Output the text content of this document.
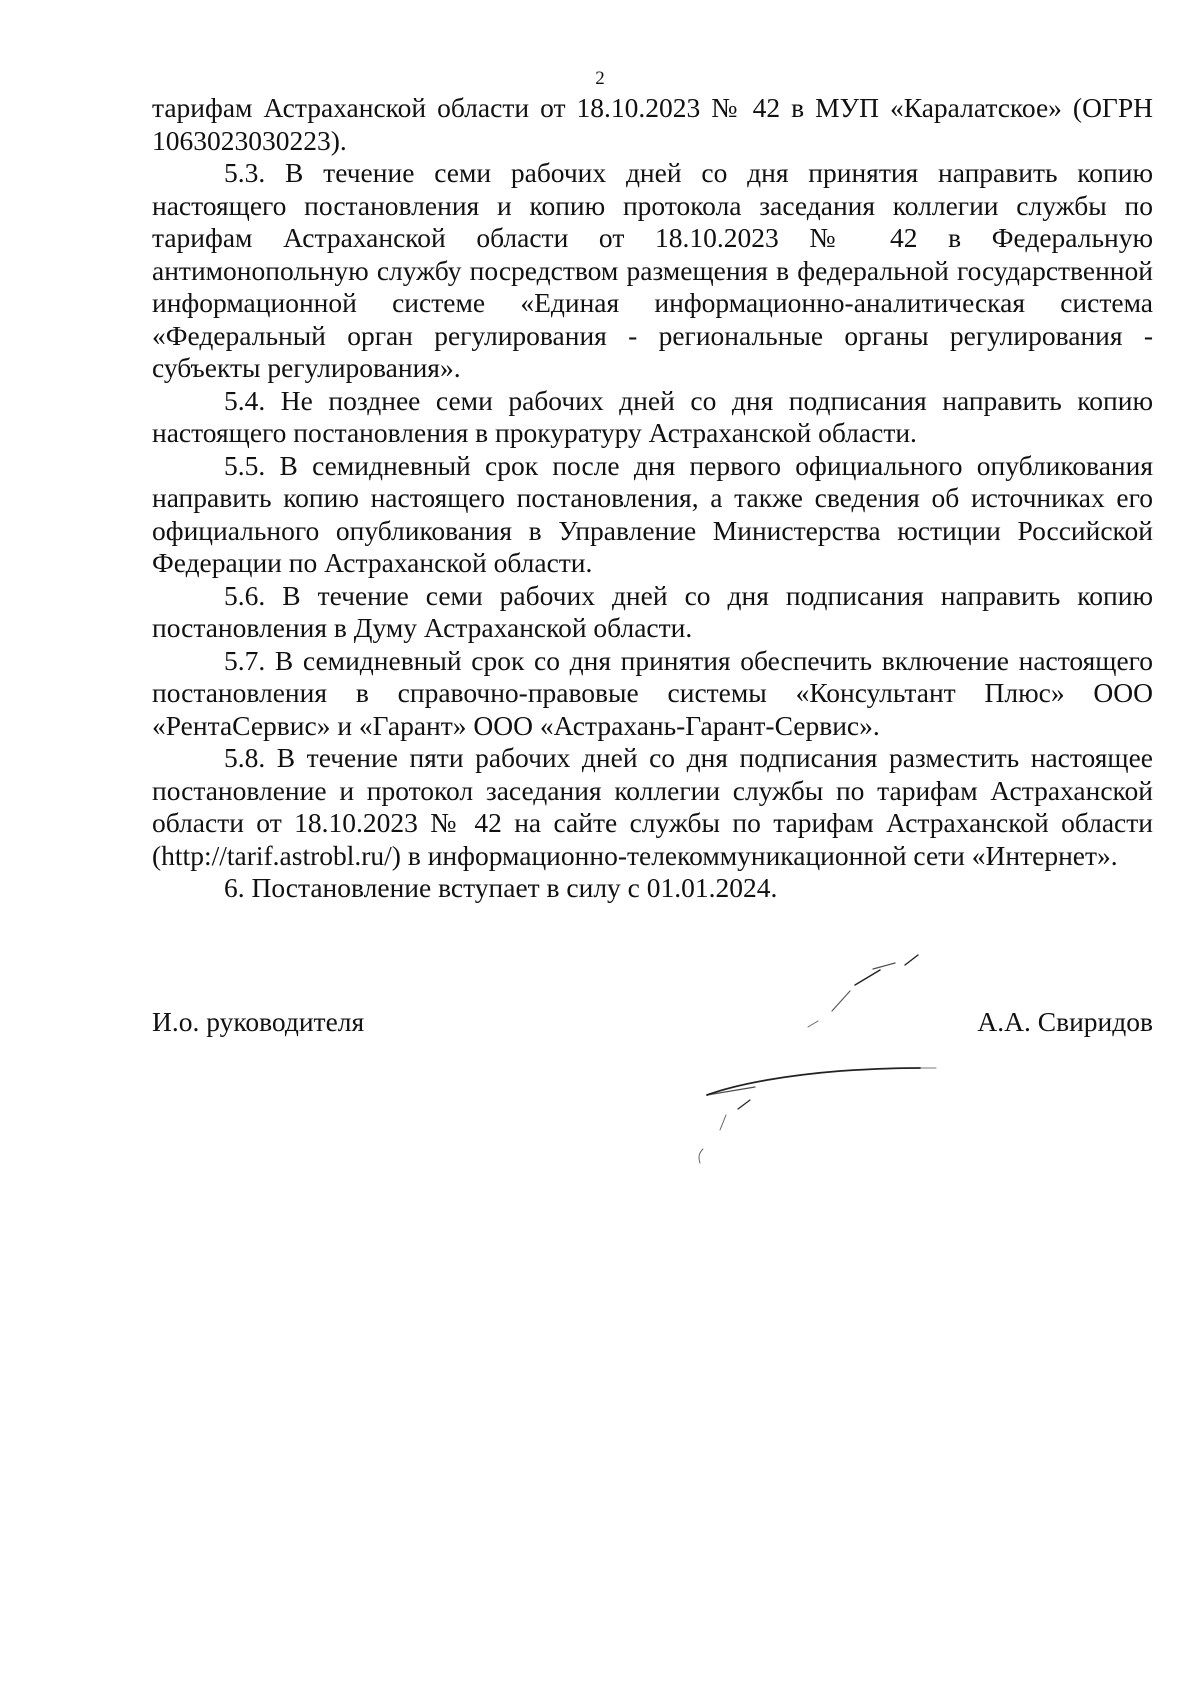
2

тарифам Астраханской области от 18.10.2023 № 42 в МУП «Каралатское» (ОГРН 1063023030223).

5.3. В течение семи рабочих дней со дня принятия направить копию настоящего постановления и копию протокола заседания коллегии службы по тарифам Астраханской области от 18.10.2023 № 42 в Федеральную антимонопольную службу посредством размещения в федеральной государственной информационной системе «Единая информационно-аналитическая система «Федеральный орган регулирования - региональные органы регулирования - субъекты регулирования».

5.4. Не позднее семи рабочих дней со дня подписания направить копию настоящего постановления в прокуратуру Астраханской области.

5.5. В семидневный срок после дня первого официального опубликования направить копию настоящего постановления, а также сведения об источниках его официального опубликования в Управление Министерства юстиции Российской Федерации по Астраханской области.

5.6. В течение семи рабочих дней со дня подписания направить копию постановления в Думу Астраханской области.

5.7. В семидневный срок со дня принятия обеспечить включение настоящего постановления в справочно-правовые системы «Консультант Плюс» ООО «РентаСервис» и «Гарант» ООО «Астрахань-Гарант-Сервис».

5.8. В течение пяти рабочих дней со дня подписания разместить настоящее постановление и протокол заседания коллегии службы по тарифам Астраханской области от 18.10.2023 № 42 на сайте службы по тарифам Астраханской области (http://tarif.astrobl.ru/) в информационно-телекоммуникационной сети «Интернет».

6. Постановление вступает в силу с 01.01.2024.

И.о. руководителя	А.А. Свиридов
